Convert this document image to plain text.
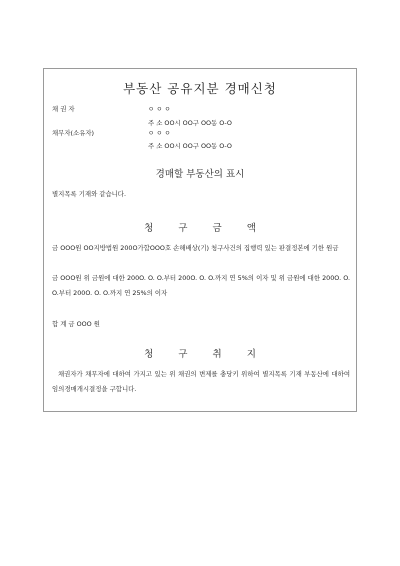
부동산 공유지분 경매신청
채 권 자	ㅇ ㅇ ㅇ
주 소 OO시 OO구 OO동 O-O
채무자(소유자)	ㅇ ㅇ ㅇ
주 소 OO시 OO구 OO동 O-O
경매할 부동산의 표시
별지목록 기재와 같습니다.
청 구 금 액
금 OOO원 OO지방법원 200O가합OOO호 손해배상(기) 청구사건의 집행력 있는 판결정본에 기한 원금
금 OOO원 위 금원에 대한 200O. O. O.부터 200O. O. O.까지 연 5%의 이자 및 위 금원에 대한 200O. O. O.부터 200O. O. O.까지 연 25%의 이자
합 계 금 OOO 원
청 구 취 지
채권자가 채무자에 대하여 가지고 있는 위 채권의 변제를 충당키 위하여 별지목록 기재 부동산에 대하여 임의경매개시결정을 구합니다.
